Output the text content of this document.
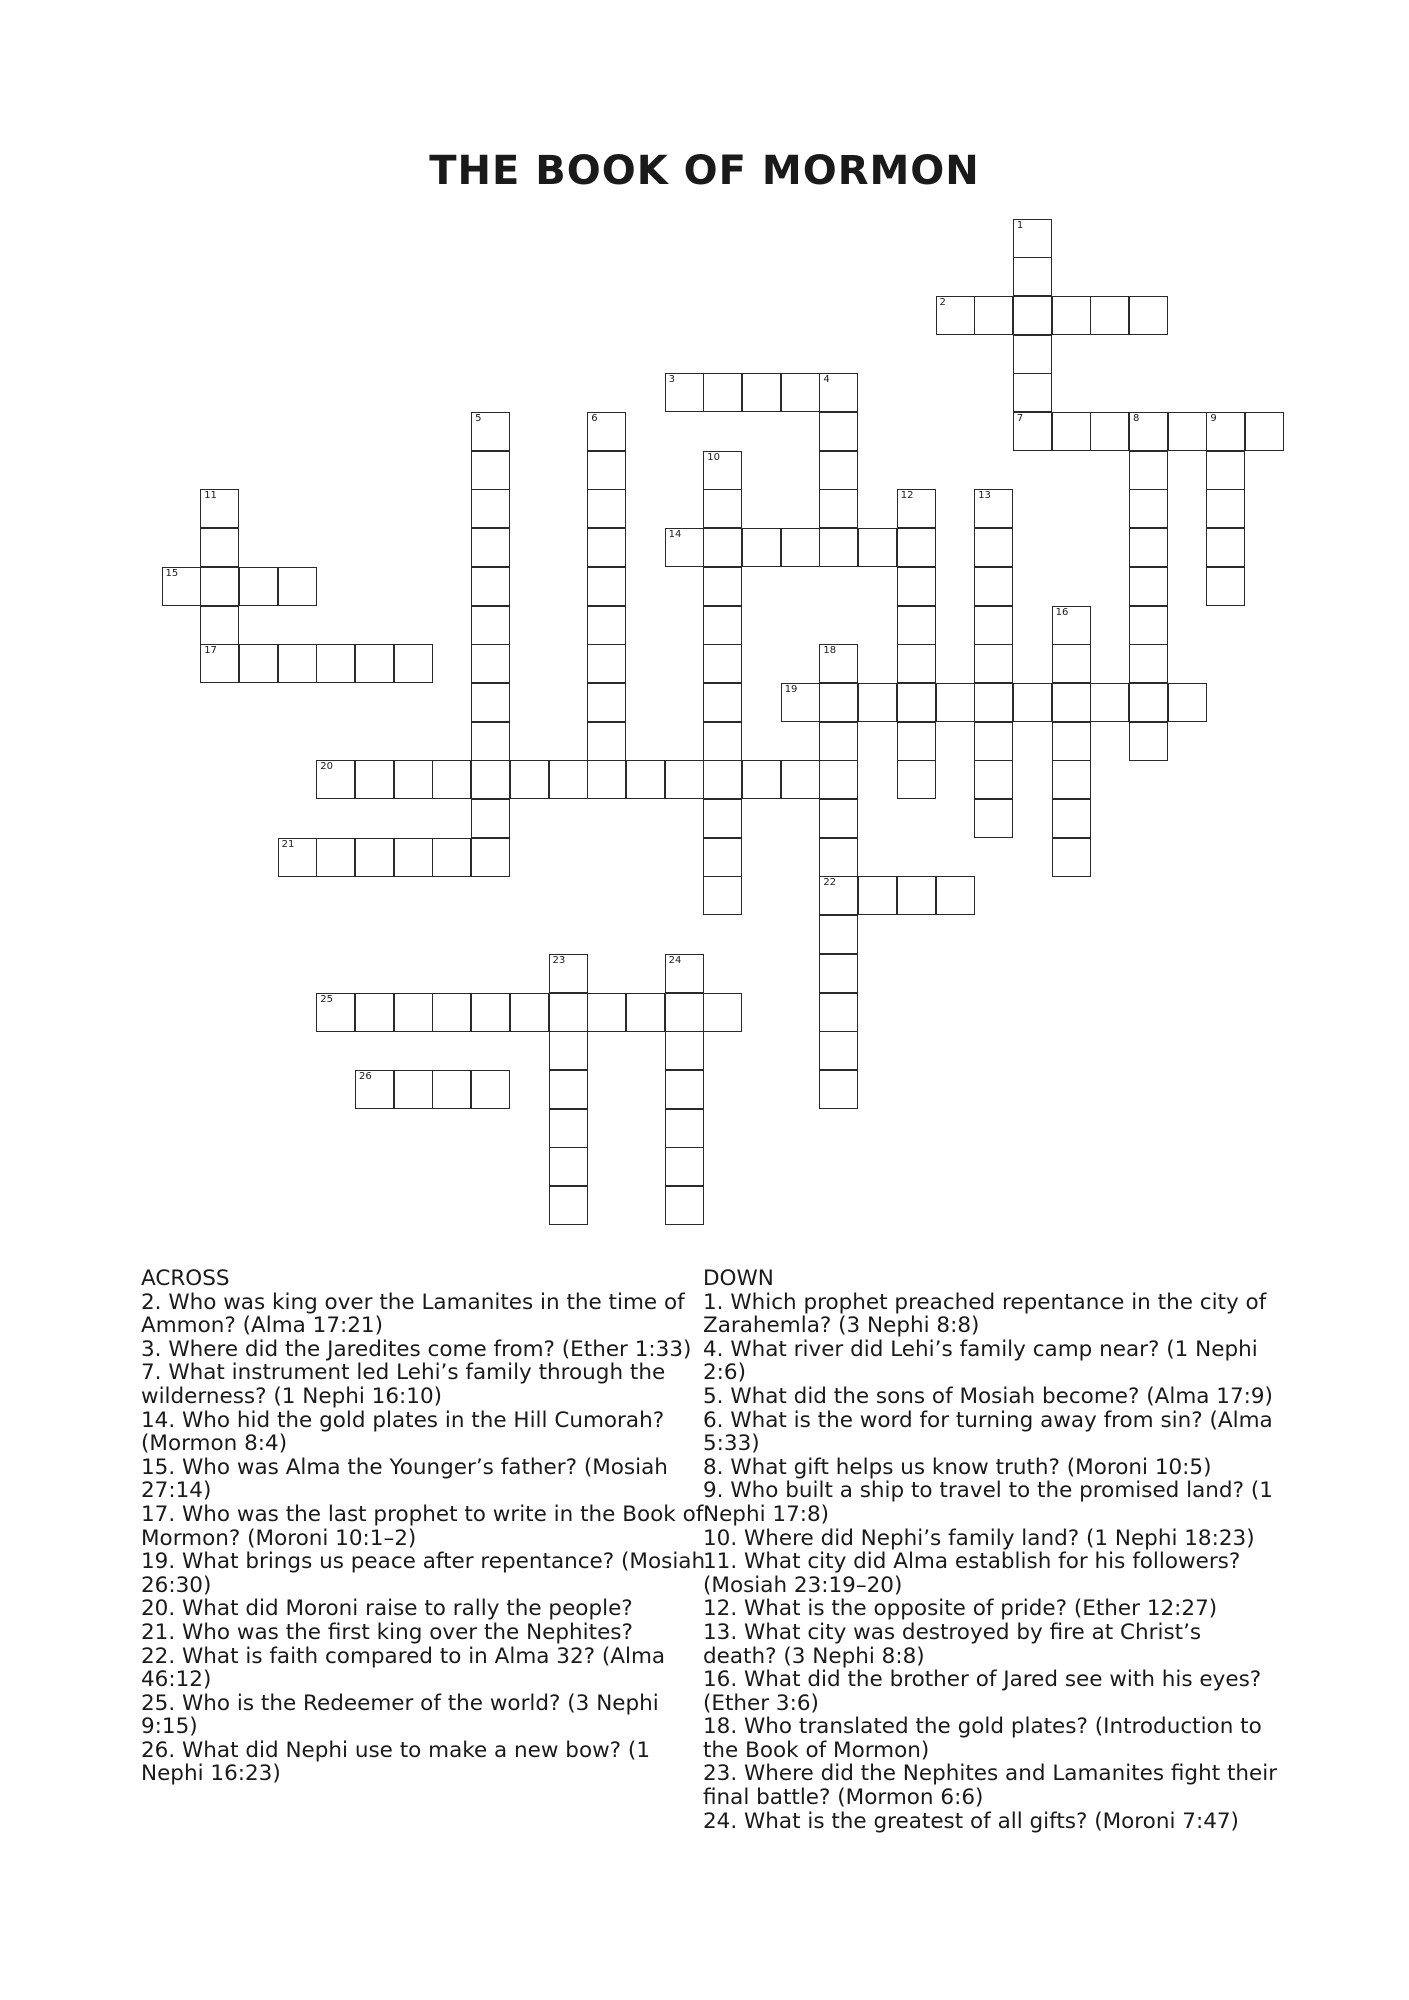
THE BOOK OF MORMON
1
2
3	4
5	6	7	8	9
10
11
17
12	13
14
15
16
18
22
19
20
21
23	24
25
26

ACROSS

2. Who was king over the Lamanites in the time of Ammon? (Alma 17:21)

3. Where did the Jaredites come from? (Ether 1:33)

7. What instrument led Lehi’s family through the wilderness? (1 Nephi 16:10)

14. Who hid the gold plates in the Hill Cumorah? (Mormon 8:4)

15. Who was Alma the Younger’s father? (Mosiah 27:14)

17. Who was the last prophet to write in the Book of Mormon? (Moroni 10:1–2)

19. What brings us peace after repentance? (Mosiah 26:30)

20. What did Moroni raise to rally the people?

21. Who was the first king over the Nephites?

22. What is faith compared to in Alma 32? (Alma 46:12)

25. Who is the Redeemer of the world? (3 Nephi 9:15)

26. What did Nephi use to make a new bow? (1 Nephi 16:23)

DOWN

1. Which prophet preached repentance in the city of Zarahemla? (3 Nephi 8:8)

4. What river did Lehi’s family camp near? (1 Nephi 2:6)

5. What did the sons of Mosiah become? (Alma 17:9)

6. What is the word for turning away from sin? (Alma 5:33)

8. What gift helps us know truth? (Moroni 10:5)

9. Who built a ship to travel to the promised land? (1 Nephi 17:8)

10. Where did Nephi’s family land? (1 Nephi 18:23)

11. What city did Alma establish for his followers? (Mosiah 23:19–20)

12. What is the opposite of pride? (Ether 12:27)

13. What city was destroyed by fire at Christ’s death? (3 Nephi 8:8)

16. What did the brother of Jared see with his eyes? (Ether 3:6)

18. Who translated the gold plates? (Introduction to the Book of Mormon)

23. Where did the Nephites and Lamanites fight their final battle? (Mormon 6:6)

24. What is the greatest of all gifts? (Moroni 7:47)
